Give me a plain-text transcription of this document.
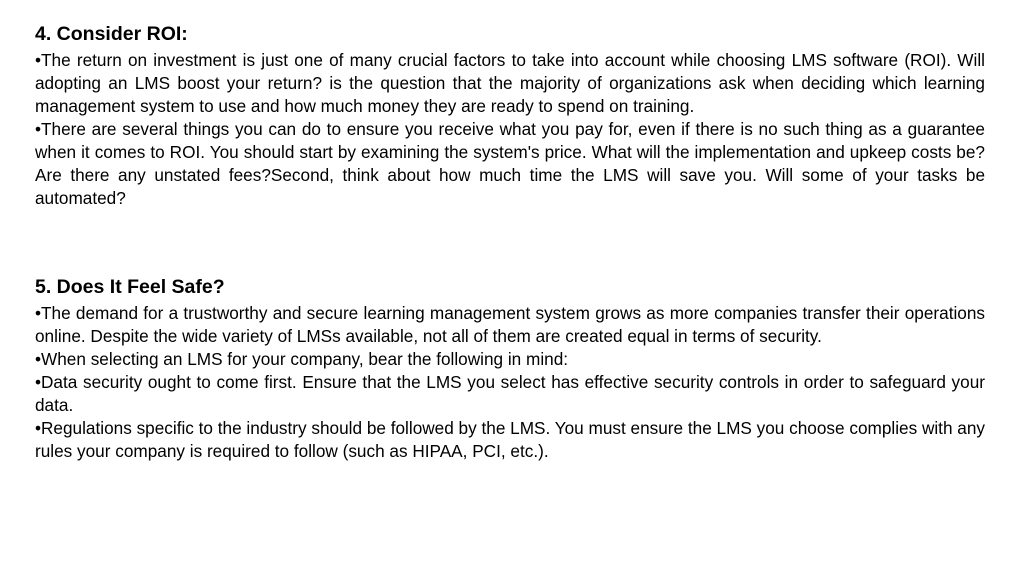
4. Consider ROI:

•The return on investment is just one of many crucial factors to take into account while choosing LMS software (ROI). Will adopting an LMS boost your return? is the question that the majority of organizations ask when deciding which learning management system to use and how much money they are ready to spend on training.

•There are several things you can do to ensure you receive what you pay for, even if there is no such thing as a guarantee when it comes to ROI. You should start by examining the system's price. What will the implementation and upkeep costs be? Are there any unstated fees?Second, think about how much time the LMS will save you. Will some of your tasks be automated?

5. Does It Feel Safe?

•The demand for a trustworthy and secure learning management system grows as more companies transfer their operations online. Despite the wide variety of LMSs available, not all of them are created equal in terms of security.

•When selecting an LMS for your company, bear the following in mind:

•Data security ought to come first. Ensure that the LMS you select has effective security controls in order to safeguard your data.

•Regulations specific to the industry should be followed by the LMS. You must ensure the LMS you choose complies with any rules your company is required to follow (such as HIPAA, PCI, etc.).
